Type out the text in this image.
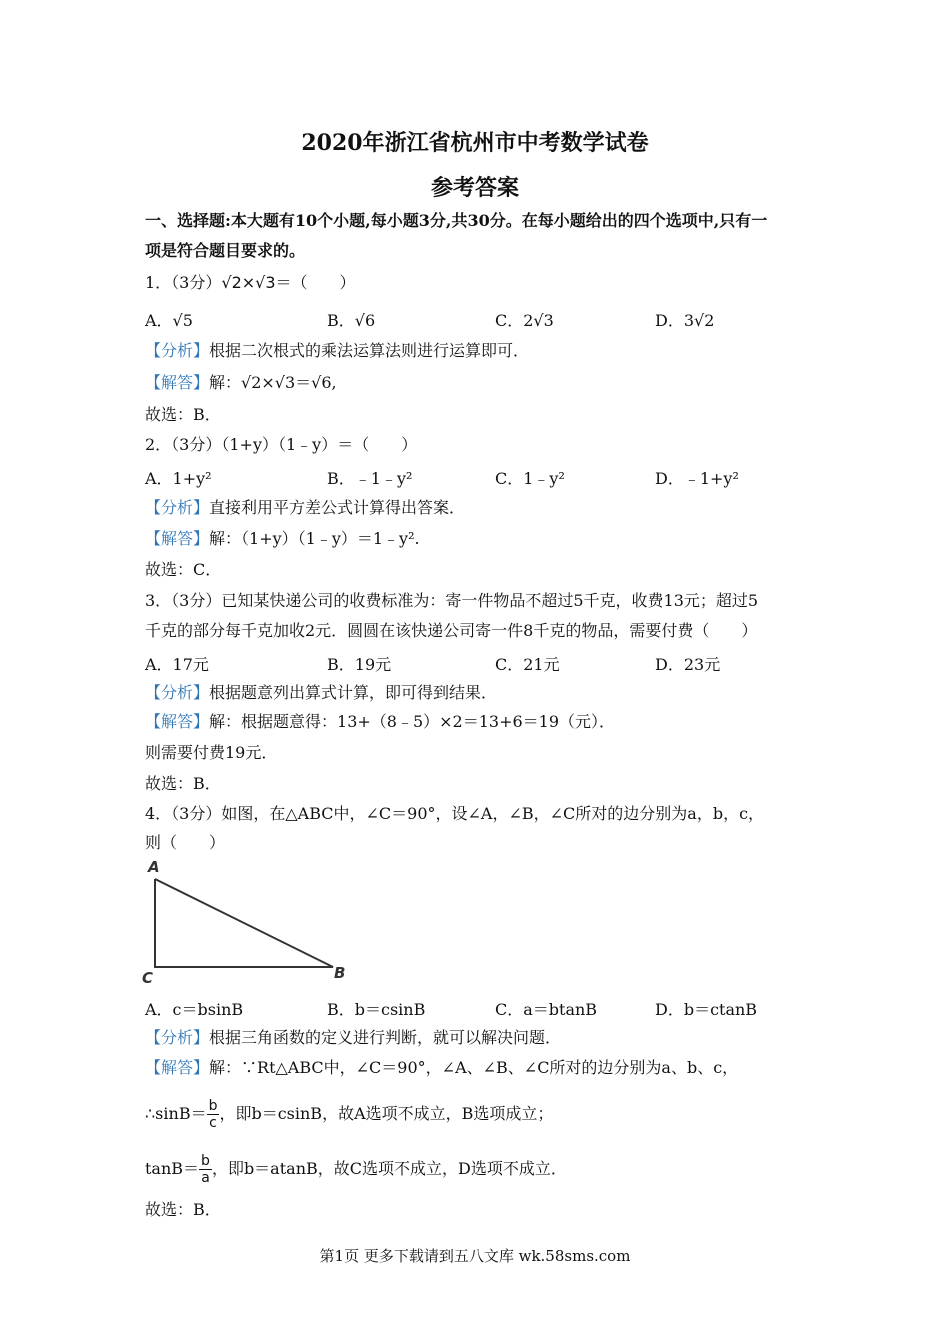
2020年浙江省杭州市中考数学试卷
参考答案
一、选择题:本大题有10个小题,每小题3分,共30分。在每小题给出的四个选项中,只有一
项是符合题目要求的。
1．（3分）√2×√3＝（　　）
A．√5	B．√6	C．2√3	D．3√2
【分析】根据二次根式的乘法运算法则进行运算即可．
【解答】解：√2×√3＝√6,
故选：B．
2．（3分）（1+y）（1﹣y）＝（　　）
A．1+y²	B．﹣1﹣y²	C．1﹣y²	D．﹣1+y²
【分析】直接利用平方差公式计算得出答案．
【解答】解：（1+y）（1﹣y）＝1﹣y².
故选：C．
3．（3分）已知某快递公司的收费标准为：寄一件物品不超过5千克，收费13元；超过5
千克的部分每千克加收2元．圆圆在该快递公司寄一件8千克的物品，需要付费（　　）
A．17元	B．19元	C．21元	D．23元
【分析】根据题意列出算式计算，即可得到结果．
【解答】解：根据题意得：13+（8﹣5）×2＝13+6＝19（元）．
则需要付费19元．
故选：B．
4．（3分）如图，在△ABC中，∠C＝90°，设∠A，∠B，∠C所对的边分别为a，b，c，
则（　　）
A
C	B
A．c＝bsinB	B．b＝csinB	C．a＝btanB	D．b＝ctanB
【分析】根据三角函数的定义进行判断，就可以解决问题．
【解答】解：∵Rt△ABC中，∠C＝90°，∠A、∠B、∠C所对的边分别为a、b、c，
∴sinB＝ $\frac{b}{c}$ ，即b＝csinB，故A选项不成立，B选项成立；
$\tan B= \frac{b}{a}$ ，即b＝atanB，故C选项不成立，D选项不成立．
故选：B．
第1页 更多下载请到五八文库 wk.58sms.com
